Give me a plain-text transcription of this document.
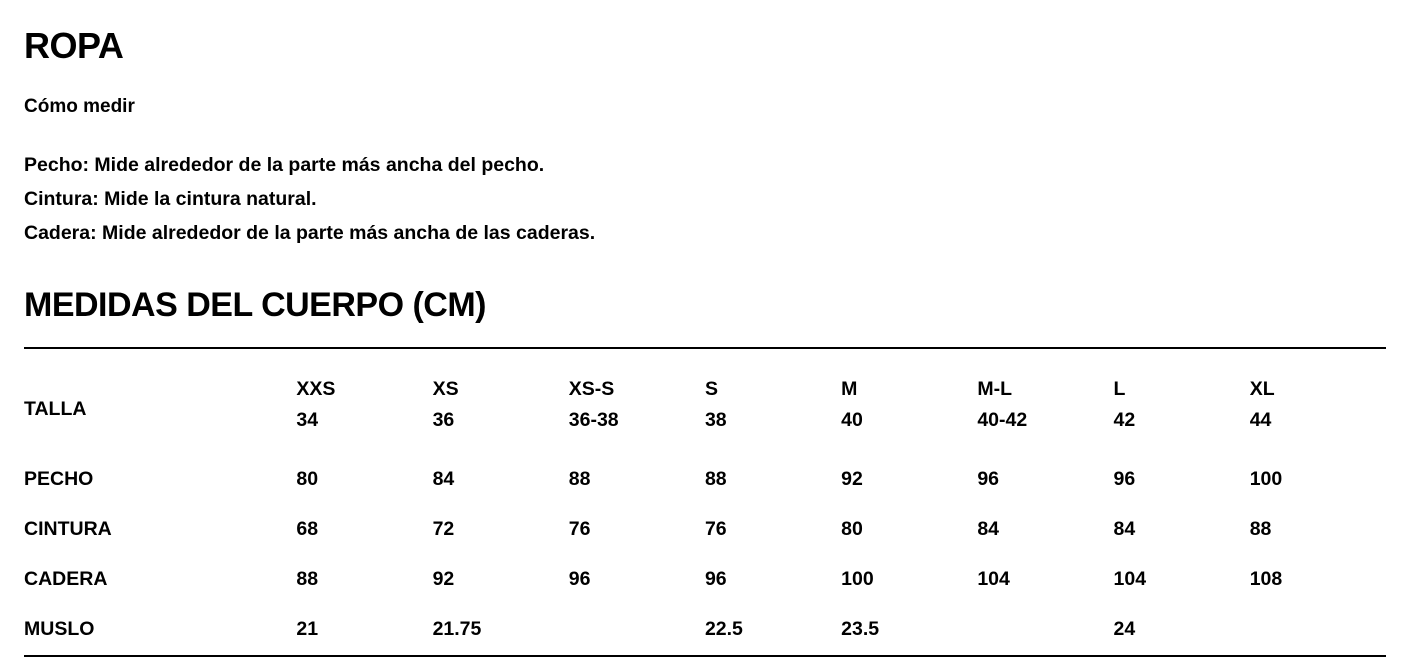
ROPA
Cómo medir
Pecho: Mide alrededor de la parte más ancha del pecho.
Cintura: Mide la cintura natural.
Cadera: Mide alrededor de la parte más ancha de las caderas.
MEDIDAS DEL CUERPO (CM)
TALLA	XXS	XS	XS-S	S	M	M-L	L	XL
	34	36	36-38	38	40	40-42	42	44
PECHO	80	84	88	88	92	96	96	100
CINTURA	68	72	76	76	80	84	84	88
CADERA	88	92	96	96	100	104	104	108
MUSLO	21	21.75		22.5	23.5		24	
